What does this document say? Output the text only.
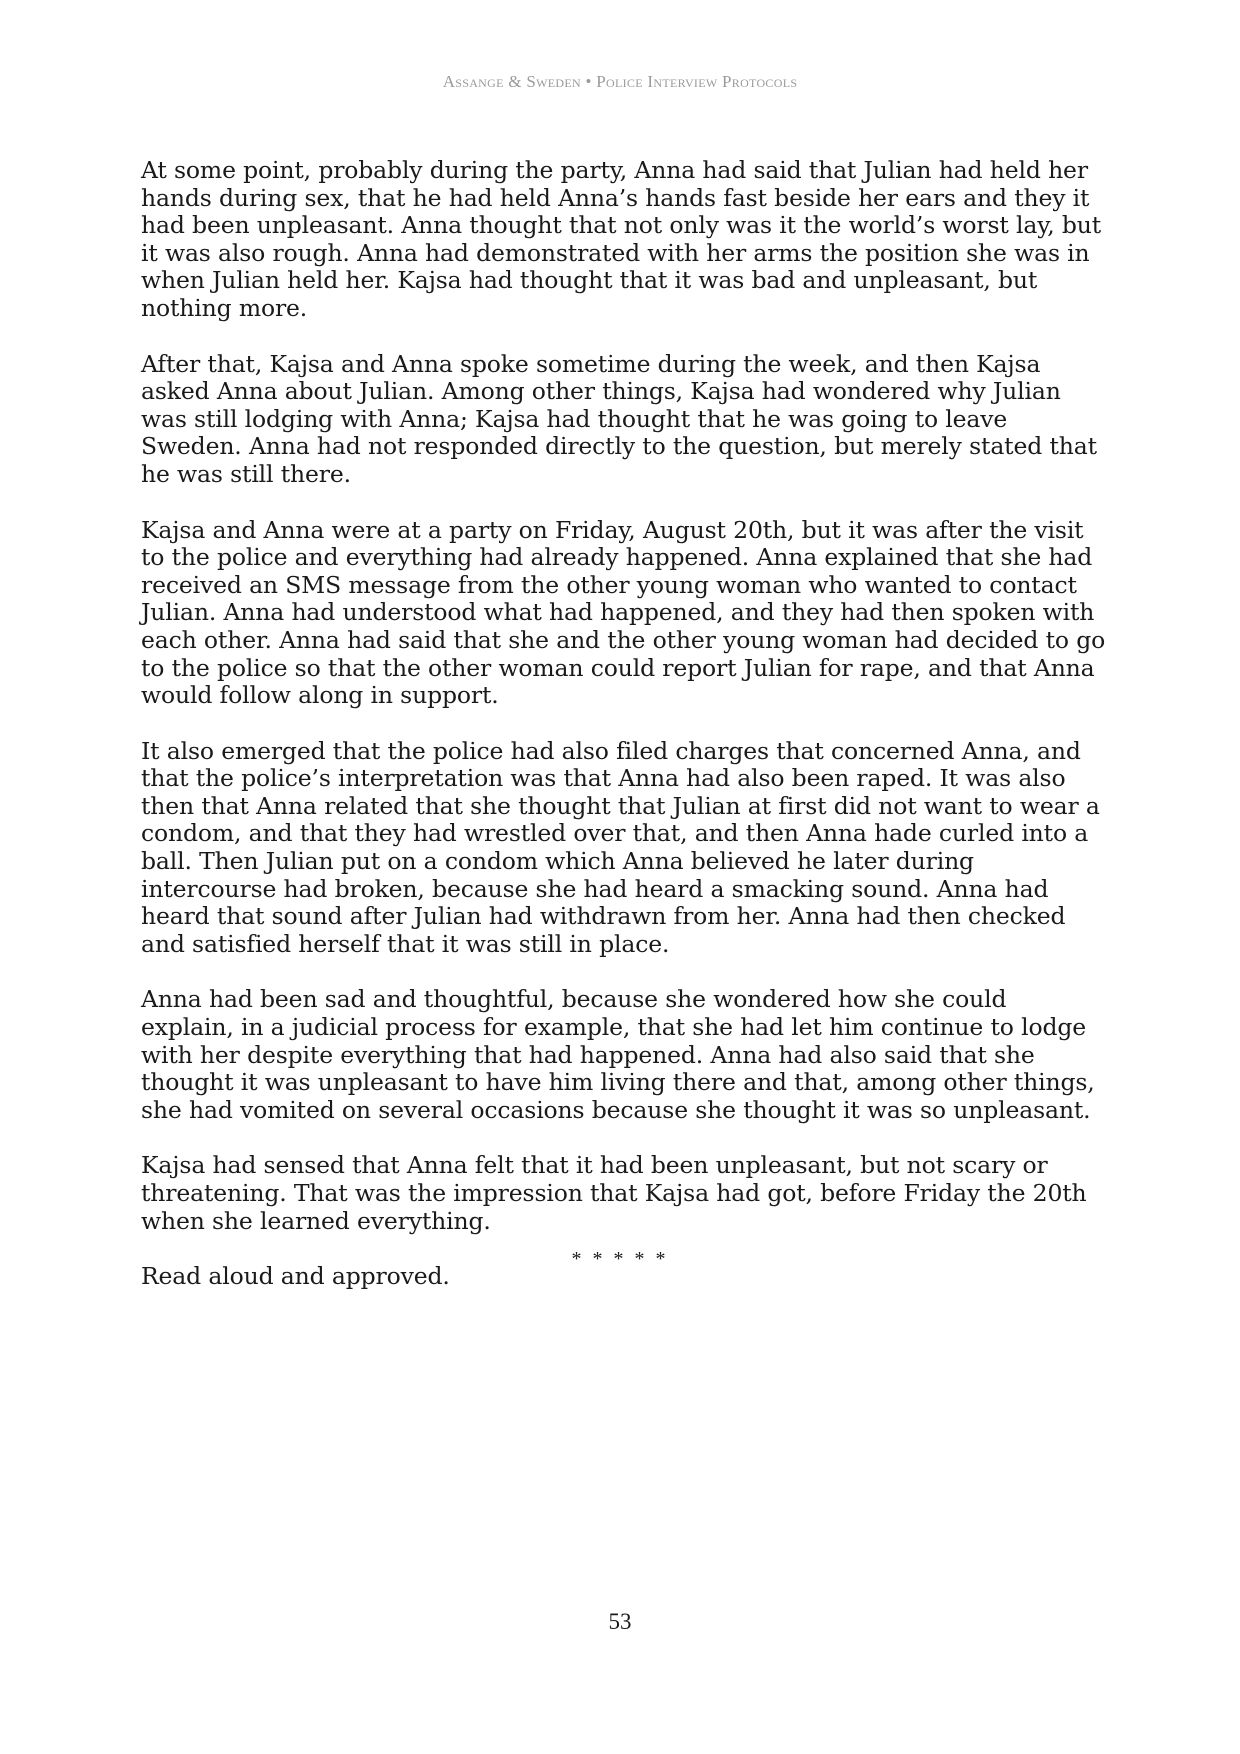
Assange & Sweden • Police Interview Protocols

At some point, probably during the party, Anna had said that Julian had held her hands during sex, that he had held Anna’s hands fast beside her ears and they it had been unpleasant. Anna thought that not only was it the world’s worst lay, but it was also rough. Anna had demonstrated with her arms the position she was in when Julian held her. Kajsa had thought that it was bad and unpleasant, but nothing more.

After that, Kajsa and Anna spoke sometime during the week, and then Kajsa asked Anna about Julian. Among other things, Kajsa had wondered why Julian was still lodging with Anna; Kajsa had thought that he was going to leave Sweden. Anna had not responded directly to the question, but merely stated that he was still there.

Kajsa and Anna were at a party on Friday, August 20th, but it was after the visit to the police and everything had already happened. Anna explained that she had received an SMS message from the other young woman who wanted to contact Julian. Anna had understood what had happened, and they had then spoken with each other. Anna had said that she and the other young woman had decided to go to the police so that the other woman could report Julian for rape, and that Anna would follow along in support.

It also emerged that the police had also filed charges that concerned Anna, and that the police’s interpretation was that Anna had also been raped. It was also then that Anna related that she thought that Julian at first did not want to wear a condom, and that they had wrestled over that, and then Anna hade curled into a ball. Then Julian put on a condom which Anna believed he later during intercourse had broken, because she had heard a smacking sound. Anna had heard that sound after Julian had withdrawn from her. Anna had then checked and satisfied herself that it was still in place.

Anna had been sad and thoughtful, because she wondered how she could explain, in a judicial process for example, that she had let him continue to lodge with her despite everything that had happened. Anna had also said that she thought it was unpleasant to have him living there and that, among other things, she had vomited on several occasions because she thought it was so unpleasant.

Kajsa had sensed that Anna felt that it had been unpleasant, but not scary or threatening. That was the impression that Kajsa had got, before Friday the 20th when she learned everything.

Read aloud and approved.

* * * * *
53
